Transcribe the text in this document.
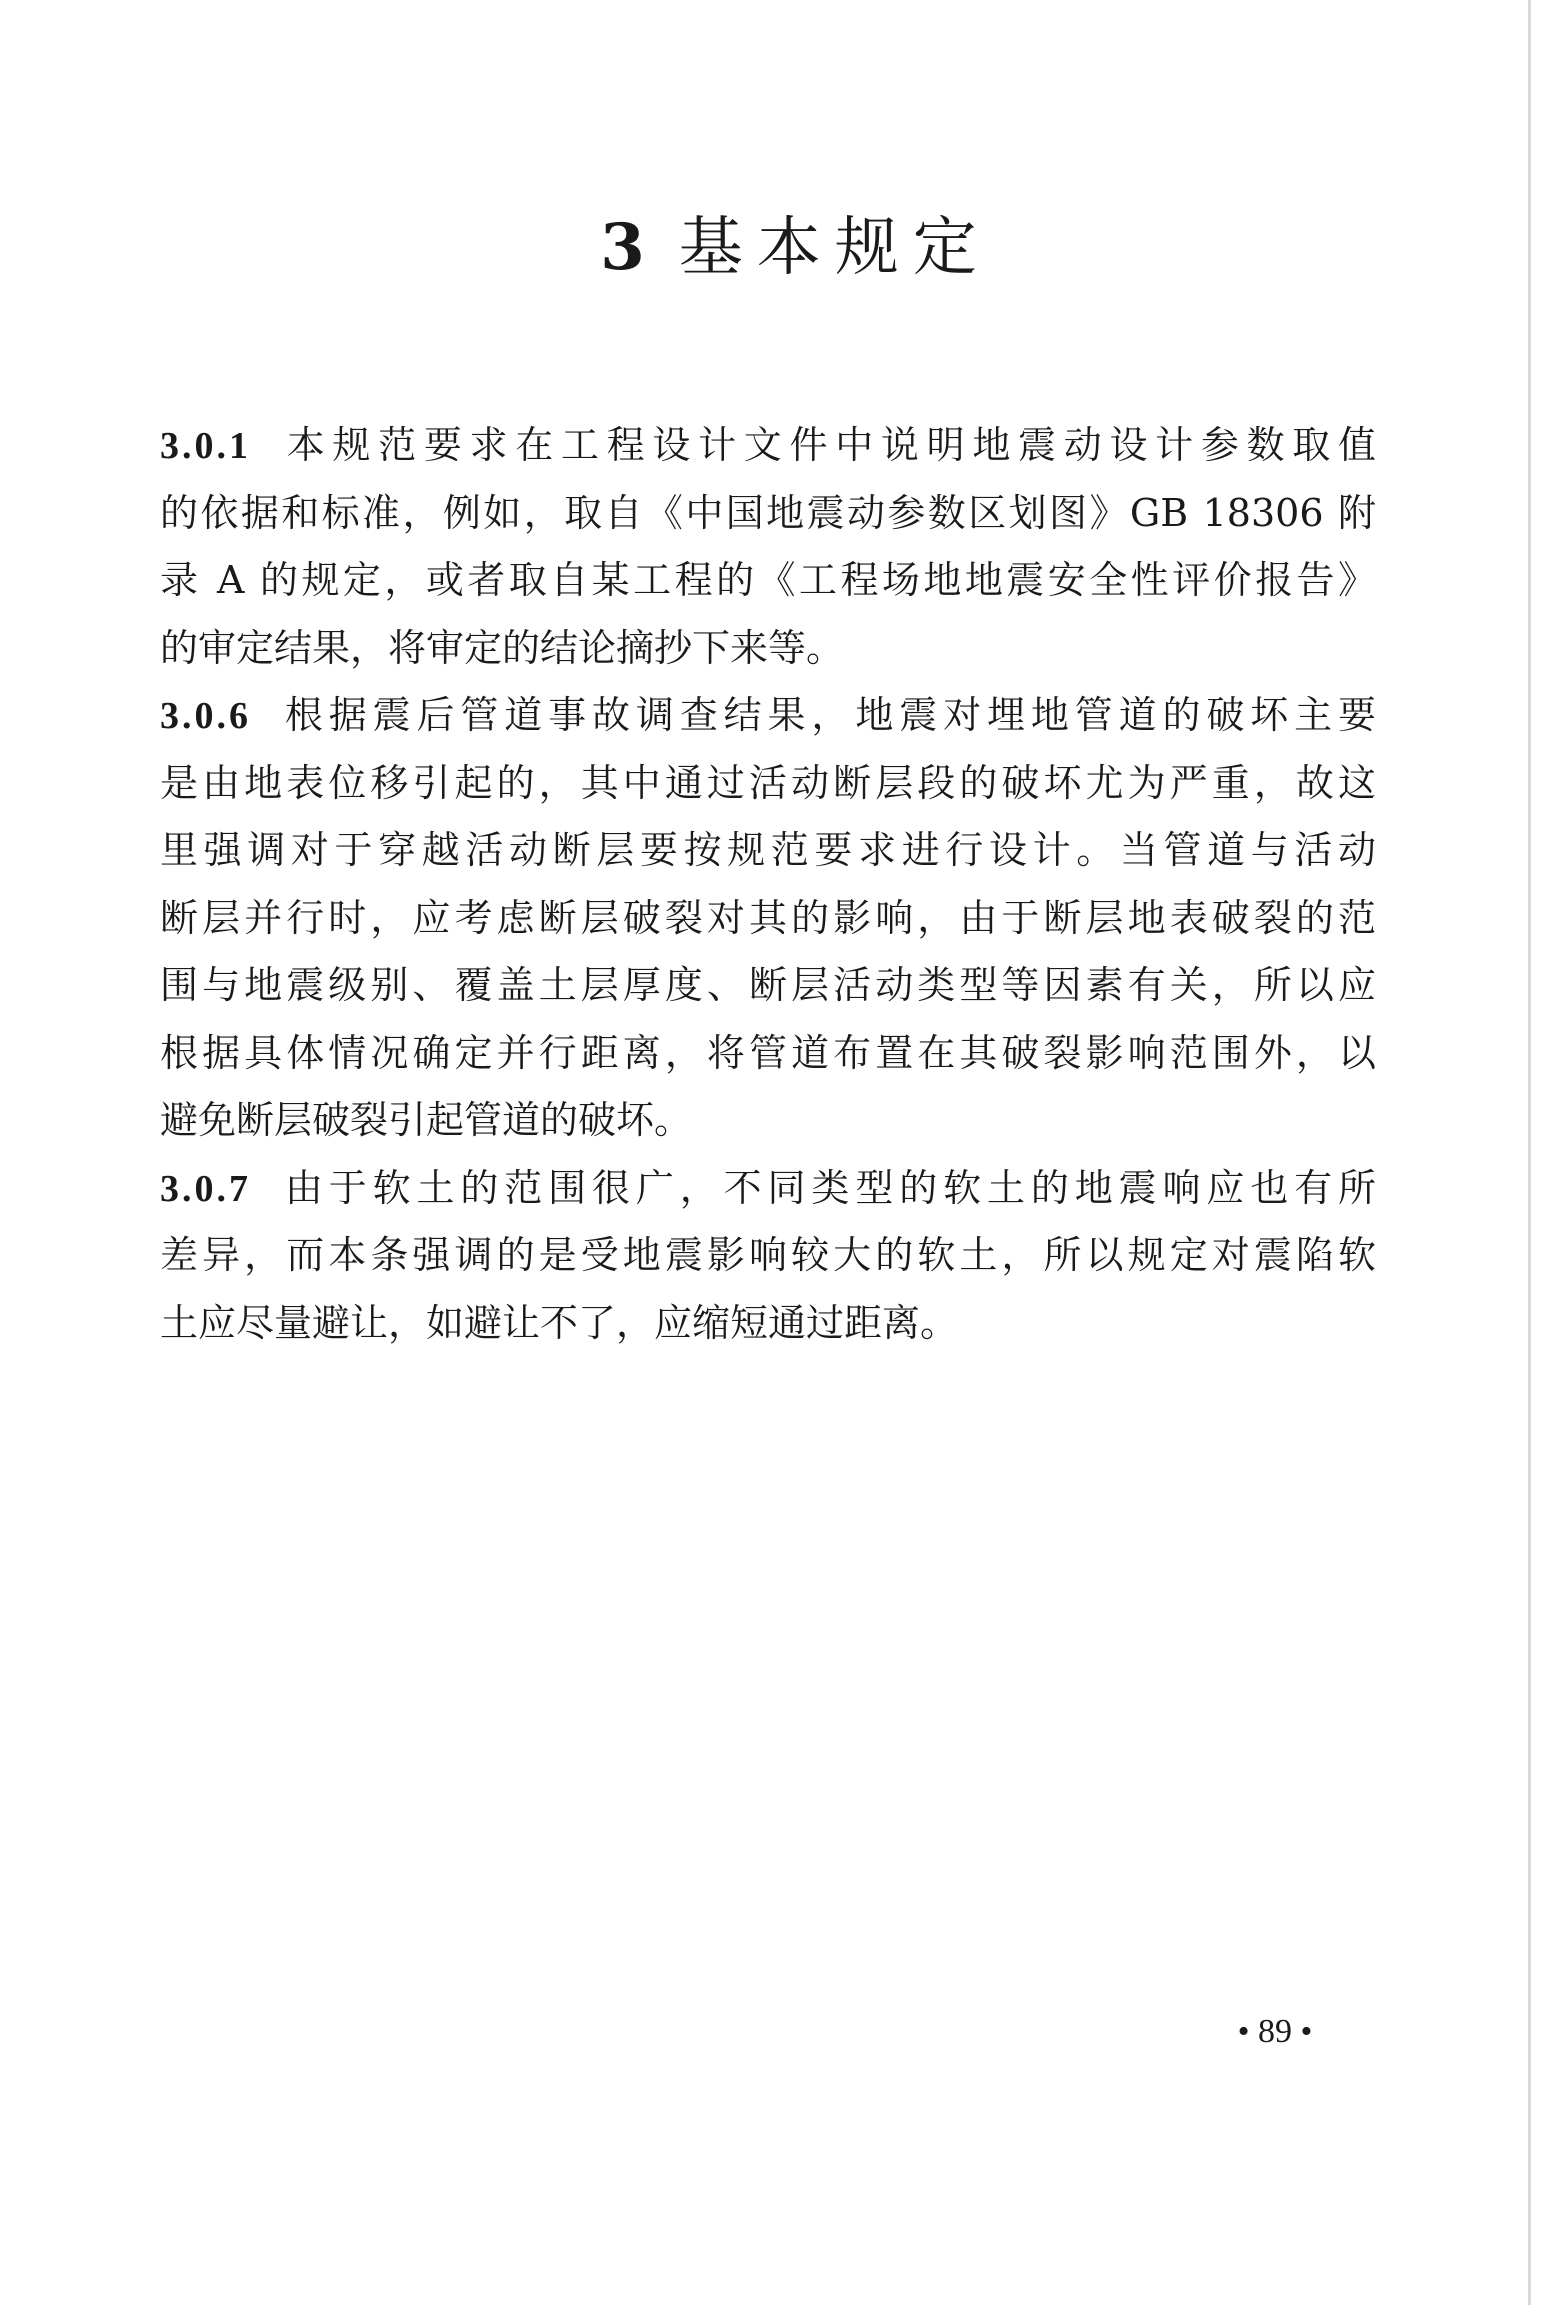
3 基本规定
3.0.1 本规范要求在工程设计文件中说明地震动设计参数取值
的依据和标准，例如，取自《中国地震动参数区划图》GB 18306 附
录 A 的规定，或者取自某工程的《工程场地地震安全性评价报告》
的审定结果，将审定的结论摘抄下来等。
3.0.6 根据震后管道事故调查结果，地震对埋地管道的破坏主要
是由地表位移引起的，其中通过活动断层段的破坏尤为严重，故这
里强调对于穿越活动断层要按规范要求进行设计。当管道与活动
断层并行时，应考虑断层破裂对其的影响，由于断层地表破裂的范
围与地震级别、覆盖土层厚度、断层活动类型等因素有关，所以应
根据具体情况确定并行距离，将管道布置在其破裂影响范围外，以
避免断层破裂引起管道的破坏。
3.0.7 由于软土的范围很广，不同类型的软土的地震响应也有所
差异，而本条强调的是受地震影响较大的软土，所以规定对震陷软
土应尽量避让，如避让不了，应缩短通过距离。
• 89 •
